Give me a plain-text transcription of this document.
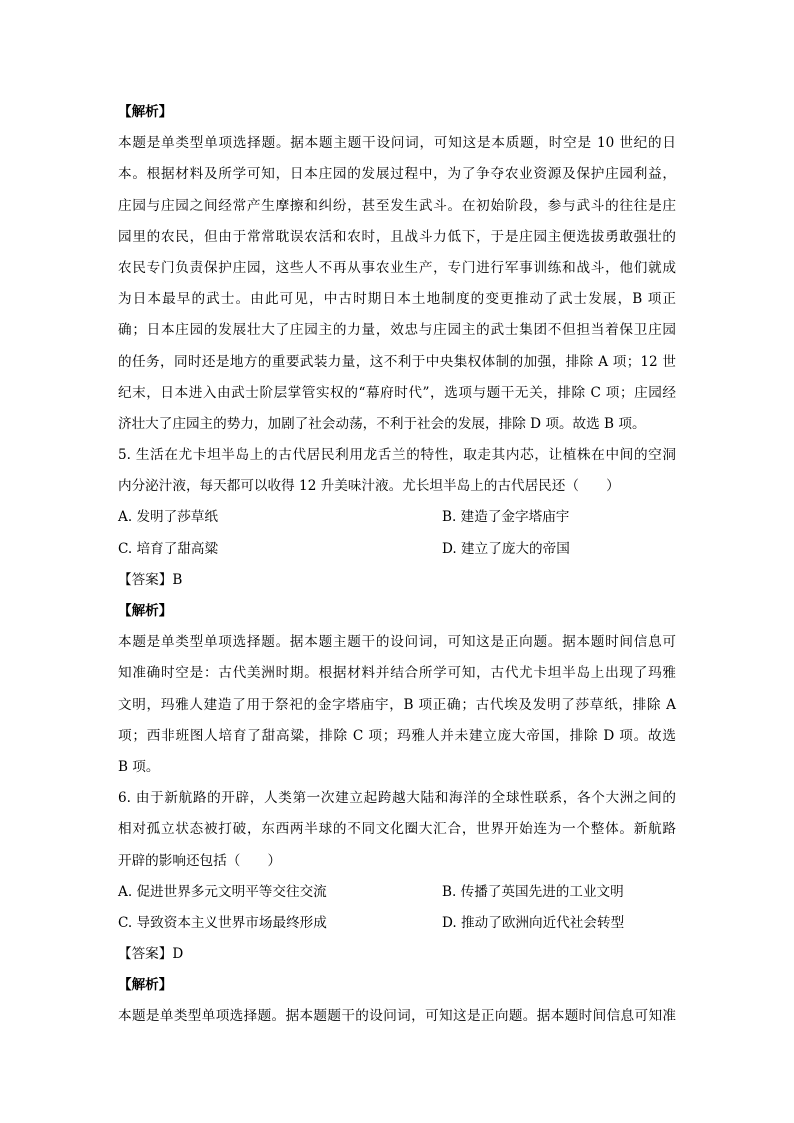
【解析】

本题是单类型单项选择题。据本题主题干设问词，可知这是本质题，时空是 10 世纪的日

本。根据材料及所学可知，日本庄园的发展过程中，为了争夺农业资源及保护庄园利益，

庄园与庄园之间经常产生摩擦和纠纷，甚至发生武斗。在初始阶段，参与武斗的往往是庄

园里的农民，但由于常常耽误农活和农时，且战斗力低下，于是庄园主便选拔勇敢强壮的

农民专门负责保护庄园，这些人不再从事农业生产，专门进行军事训练和战斗，他们就成

为日本最早的武士。由此可见，中古时期日本土地制度的变更推动了武士发展，B 项正

确；日本庄园的发展壮大了庄园主的力量，效忠与庄园主的武士集团不但担当着保卫庄园

的任务，同时还是地方的重要武装力量，这不利于中央集权体制的加强，排除 A 项；12 世

纪末，日本进入由武士阶层掌管实权的“幕府时代”，选项与题干无关，排除 C 项；庄园经

济壮大了庄园主的势力，加剧了社会动荡，不利于社会的发展，排除 D 项。故选 B 项。

5. 生活在尤卡坦半岛上的古代居民利用龙舌兰的特性，取走其内芯，让植株在中间的空洞

内分泌汁液，每天都可以收得 12 升美味汁液。尤长坦半岛上的古代居民还（　　）

A. 发明了莎草纸	B. 建造了金字塔庙宇
C. 培育了甜高粱	D. 建立了庞大的帝国

【答案】B

【解析】

本题是单类型单项选择题。据本题主题干的设问词，可知这是正向题。据本题时间信息可

知准确时空是：古代美洲时期。根据材料并结合所学可知，古代尤卡坦半岛上出现了玛雅

文明，玛雅人建造了用于祭祀的金字塔庙宇，B 项正确；古代埃及发明了莎草纸，排除 A

项；西非班图人培育了甜高粱，排除 C 项；玛雅人并未建立庞大帝国，排除 D 项。故选

B 项。

6. 由于新航路的开辟，人类第一次建立起跨越大陆和海洋的全球性联系，各个大洲之间的

相对孤立状态被打破，东西两半球的不同文化圈大汇合，世界开始连为一个整体。新航路

开辟的影响还包括（　　）

A. 促进世界多元文明平等交往交流	B. 传播了英国先进的工业文明
C. 导致资本主义世界市场最终形成	D. 推动了欧洲向近代社会转型

【答案】D

【解析】

本题是单类型单项选择题。据本题题干的设问词，可知这是正向题。据本题时间信息可知准
